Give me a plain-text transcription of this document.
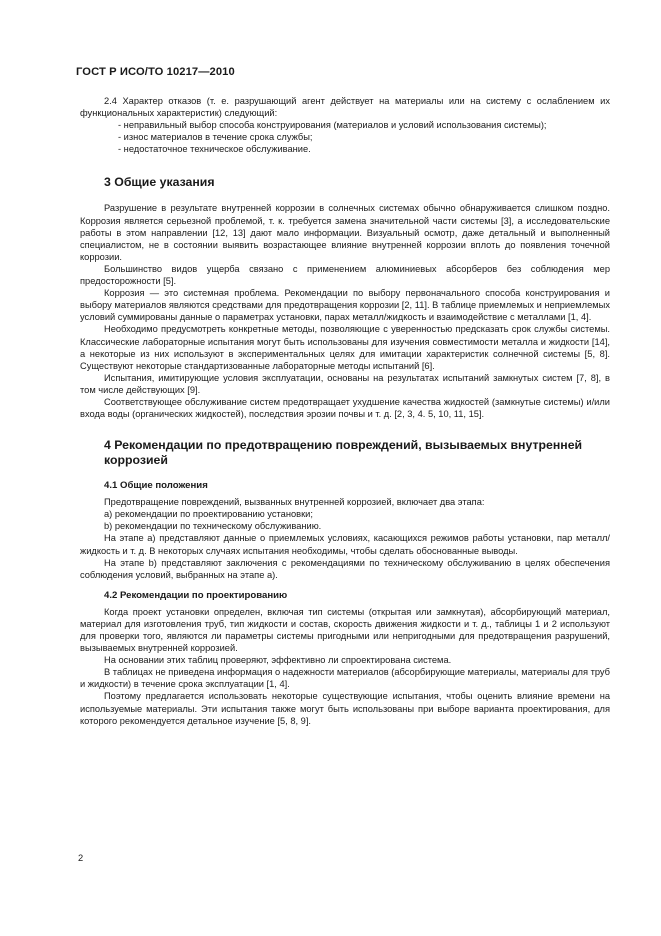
ГОСТ Р ИСО/ТО 10217—2010

2.4 Характер отказов (т. е. разрушающий агент действует на материалы или на систему с ослаблением их функциональных характеристик) следующий:

- неправильный выбор способа конструирования (материалов и условий использования системы);

- износ материалов в течение срока службы;

- недостаточное техническое обслуживание.

3 Общие указания

Разрушение в результате внутренней коррозии в солнечных системах обычно обнаруживается слишком поздно. Коррозия является серьезной проблемой, т. к. требуется замена значительной части системы [3], а исследовательские работы в этом направлении [12, 13] дают мало информации. Визуальный осмотр, даже детальный и выполненный специалистом, не в состоянии выявить возрастающее влияние внутренней коррозии вплоть до появления точечной коррозии.

Большинство видов ущерба связано с применением алюминиевых абсорберов без соблюдения мер предосторожности [5].

Коррозия — это системная проблема. Рекомендации по выбору первоначального способа конструирования и выбору материалов являются средствами для предотвращения коррозии [2, 11]. В таблице приемлемых и неприемлемых условий суммированы данные о параметрах установки, парах металл/жидкость и взаимодействие с металлами [1, 4].

Необходимо предусмотреть конкретные методы, позволяющие с уверенностью предсказать срок службы системы. Классические лабораторные испытания могут быть использованы для изучения совместимости металла и жидкости [14], а некоторые из них используют в экспериментальных целях для имитации характеристик солнечной системы [5, 8]. Существуют некоторые стандартизованные лабораторные методы испытаний [6].

Испытания, имитирующие условия эксплуатации, основаны на результатах испытаний замкнутых систем [7, 8], в том числе действующих [9].

Соответствующее обслуживание систем предотвращает ухудшение качества жидкостей (замкнутые системы) и/или входа воды (органических жидкостей), последствия эрозии почвы и т. д. [2, 3, 4. 5, 10, 11, 15].

4 Рекомендации по предотвращению повреждений, вызываемых внутренней коррозией
4.1 Общие положения

Предотвращение повреждений, вызванных внутренней коррозией, включает два этапа:

a) рекомендации по проектированию установки;

b) рекомендации по техническому обслуживанию.

На этапе a) представляют данные о приемлемых условиях, касающихся режимов работы установки, пар металл/жидкость и т. д. В некоторых случаях испытания необходимы, чтобы сделать обоснованные выводы.

На этапе b) представляют заключения с рекомендациями по техническому обслуживанию в целях обеспечения соблюдения условий, выбранных на этапе a).

4.2 Рекомендации по проектированию

Когда проект установки определен, включая тип системы (открытая или замкнутая), абсорбирующий материал, материал для изготовления труб, тип жидкости и состав, скорость движения жидкости и т. д., таблицы 1 и 2 используют для проверки того, являются ли параметры системы пригодными или непригодными для предотвращения разрушений, вызываемых внутренней коррозией.

На основании этих таблиц проверяют, эффективно ли спроектирована система.

В таблицах не приведена информация о надежности материалов (абсорбирующие материалы, материалы для труб и жидкости) в течение срока эксплуатации [1, 4].

Поэтому предлагается использовать некоторые существующие испытания, чтобы оценить влияние времени на используемые материалы. Эти испытания также могут быть использованы при выборе варианта проектирования, для которого рекомендуется детальное изучение [5, 8, 9].

2
